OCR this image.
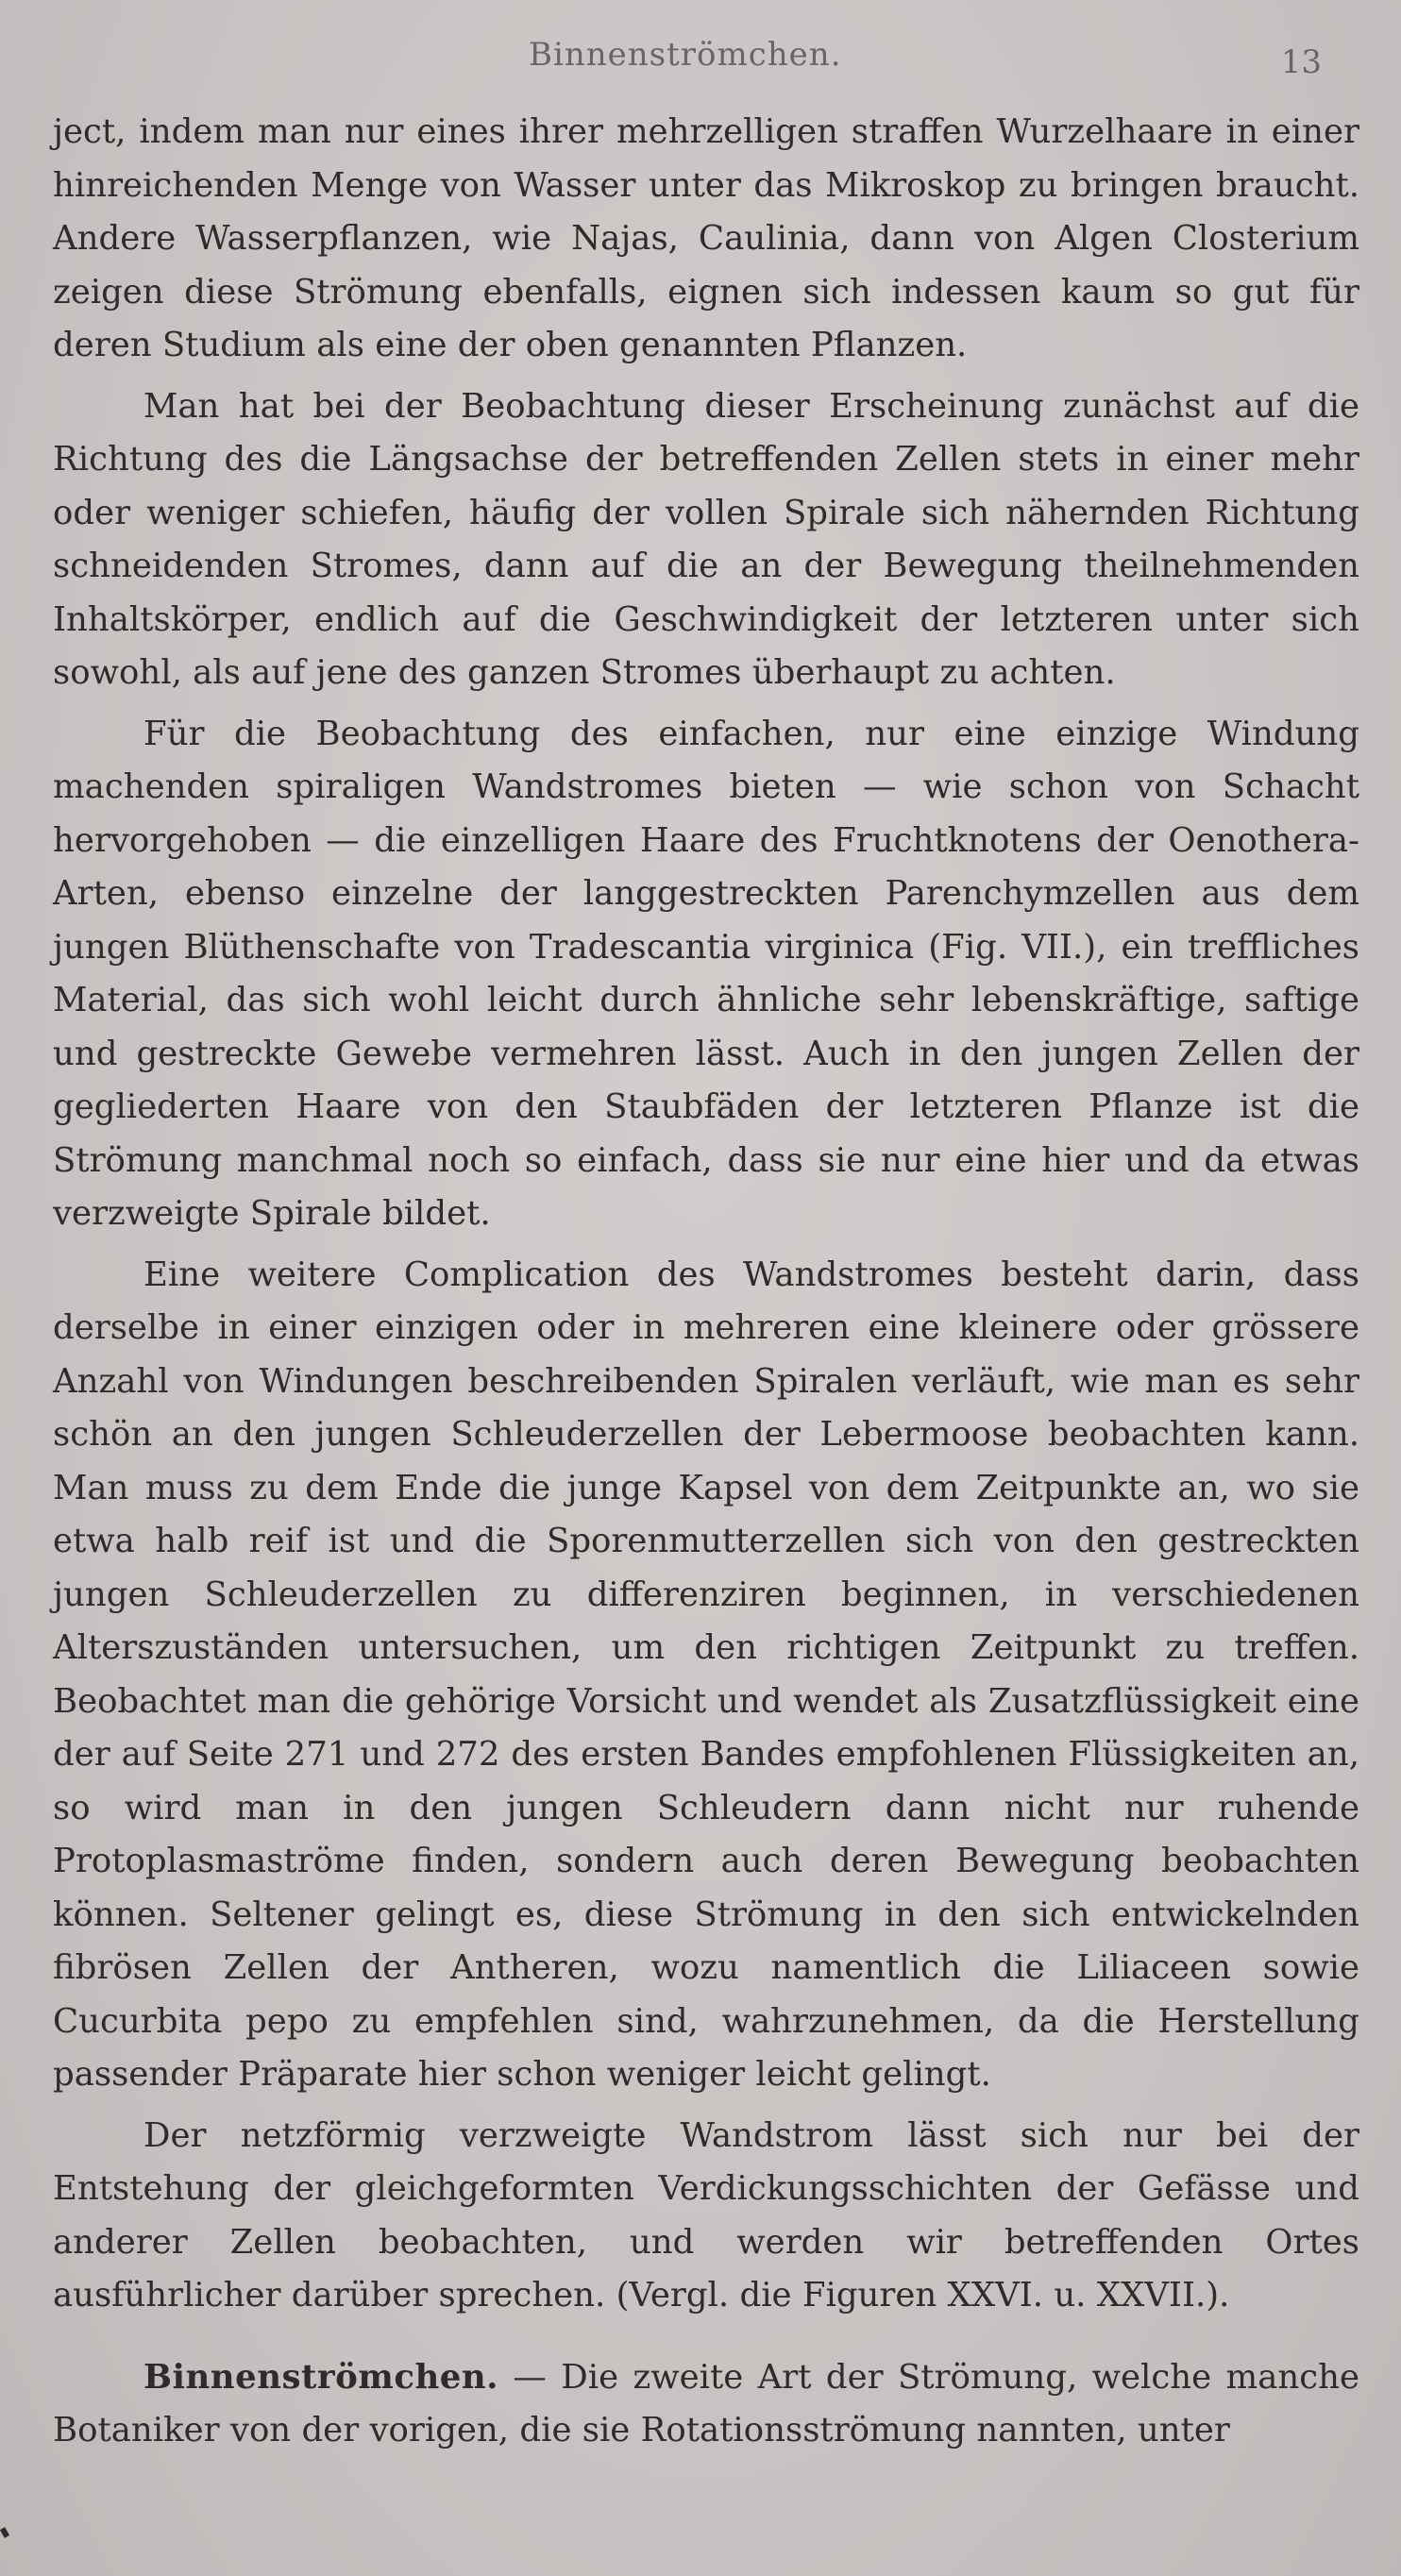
Binnenströmchen.	13

ject, indem man nur eines ihrer mehrzelligen straffen Wurzelhaare in einer hinreichenden Menge von Wasser unter das Mikroskop zu bringen braucht. Andere Wasserpflanzen, wie Najas, Caulinia, dann von Algen Closterium zeigen diese Strömung ebenfalls, eignen sich indessen kaum so gut für deren Studium als eine der oben genannten Pflanzen.

Man hat bei der Beobachtung dieser Erscheinung zunächst auf die Richtung des die Längsachse der betreffenden Zellen stets in einer mehr oder weniger schiefen, häufig der vollen Spirale sich nähernden Richtung schneidenden Stromes, dann auf die an der Bewegung theilnehmenden Inhaltskörper, endlich auf die Geschwindigkeit der letzteren unter sich sowohl, als auf jene des ganzen Stromes überhaupt zu achten.

Für die Beobachtung des einfachen, nur eine einzige Windung machenden spiraligen Wandstromes bieten — wie schon von Schacht hervorgehoben — die einzelligen Haare des Fruchtknotens der Oenothera-Arten, ebenso einzelne der langgestreckten Parenchymzellen aus dem jungen Blüthenschafte von Tradescantia virginica (Fig. VII.), ein treffliches Material, das sich wohl leicht durch ähnliche sehr lebenskräftige, saftige und gestreckte Gewebe vermehren lässt. Auch in den jungen Zellen der gegliederten Haare von den Staubfäden der letzteren Pflanze ist die Strömung manchmal noch so einfach, dass sie nur eine hier und da etwas verzweigte Spirale bildet.

Eine weitere Complication des Wandstromes besteht darin, dass derselbe in einer einzigen oder in mehreren eine kleinere oder grössere Anzahl von Windungen beschreibenden Spiralen verläuft, wie man es sehr schön an den jungen Schleuderzellen der Lebermoose beobachten kann. Man muss zu dem Ende die junge Kapsel von dem Zeitpunkte an, wo sie etwa halb reif ist und die Sporenmutterzellen sich von den gestreckten jungen Schleuderzellen zu differenziren beginnen, in verschiedenen Alterszuständen untersuchen, um den richtigen Zeitpunkt zu treffen. Beobachtet man die gehörige Vorsicht und wendet als Zusatzflüssigkeit eine der auf Seite 271 und 272 des ersten Bandes empfohlenen Flüssigkeiten an, so wird man in den jungen Schleudern dann nicht nur ruhende Protoplasmaströme finden, sondern auch deren Bewegung beobachten können. Seltener gelingt es, diese Strömung in den sich entwickelnden fibrösen Zellen der Antheren, wozu namentlich die Liliaceen sowie Cucurbita pepo zu empfehlen sind, wahrzunehmen, da die Herstellung passender Präparate hier schon weniger leicht gelingt.

Der netzförmig verzweigte Wandstrom lässt sich nur bei der Entstehung der gleichgeformten Verdickungsschichten der Gefässe und anderer Zellen beobachten, und werden wir betreffenden Ortes ausführlicher darüber sprechen. (Vergl. die Figuren XXVI. u. XXVII.).

Binnenströmchen. — Die zweite Art der Strömung, welche manche Botaniker von der vorigen, die sie Rotationsströmung nannten, unter
